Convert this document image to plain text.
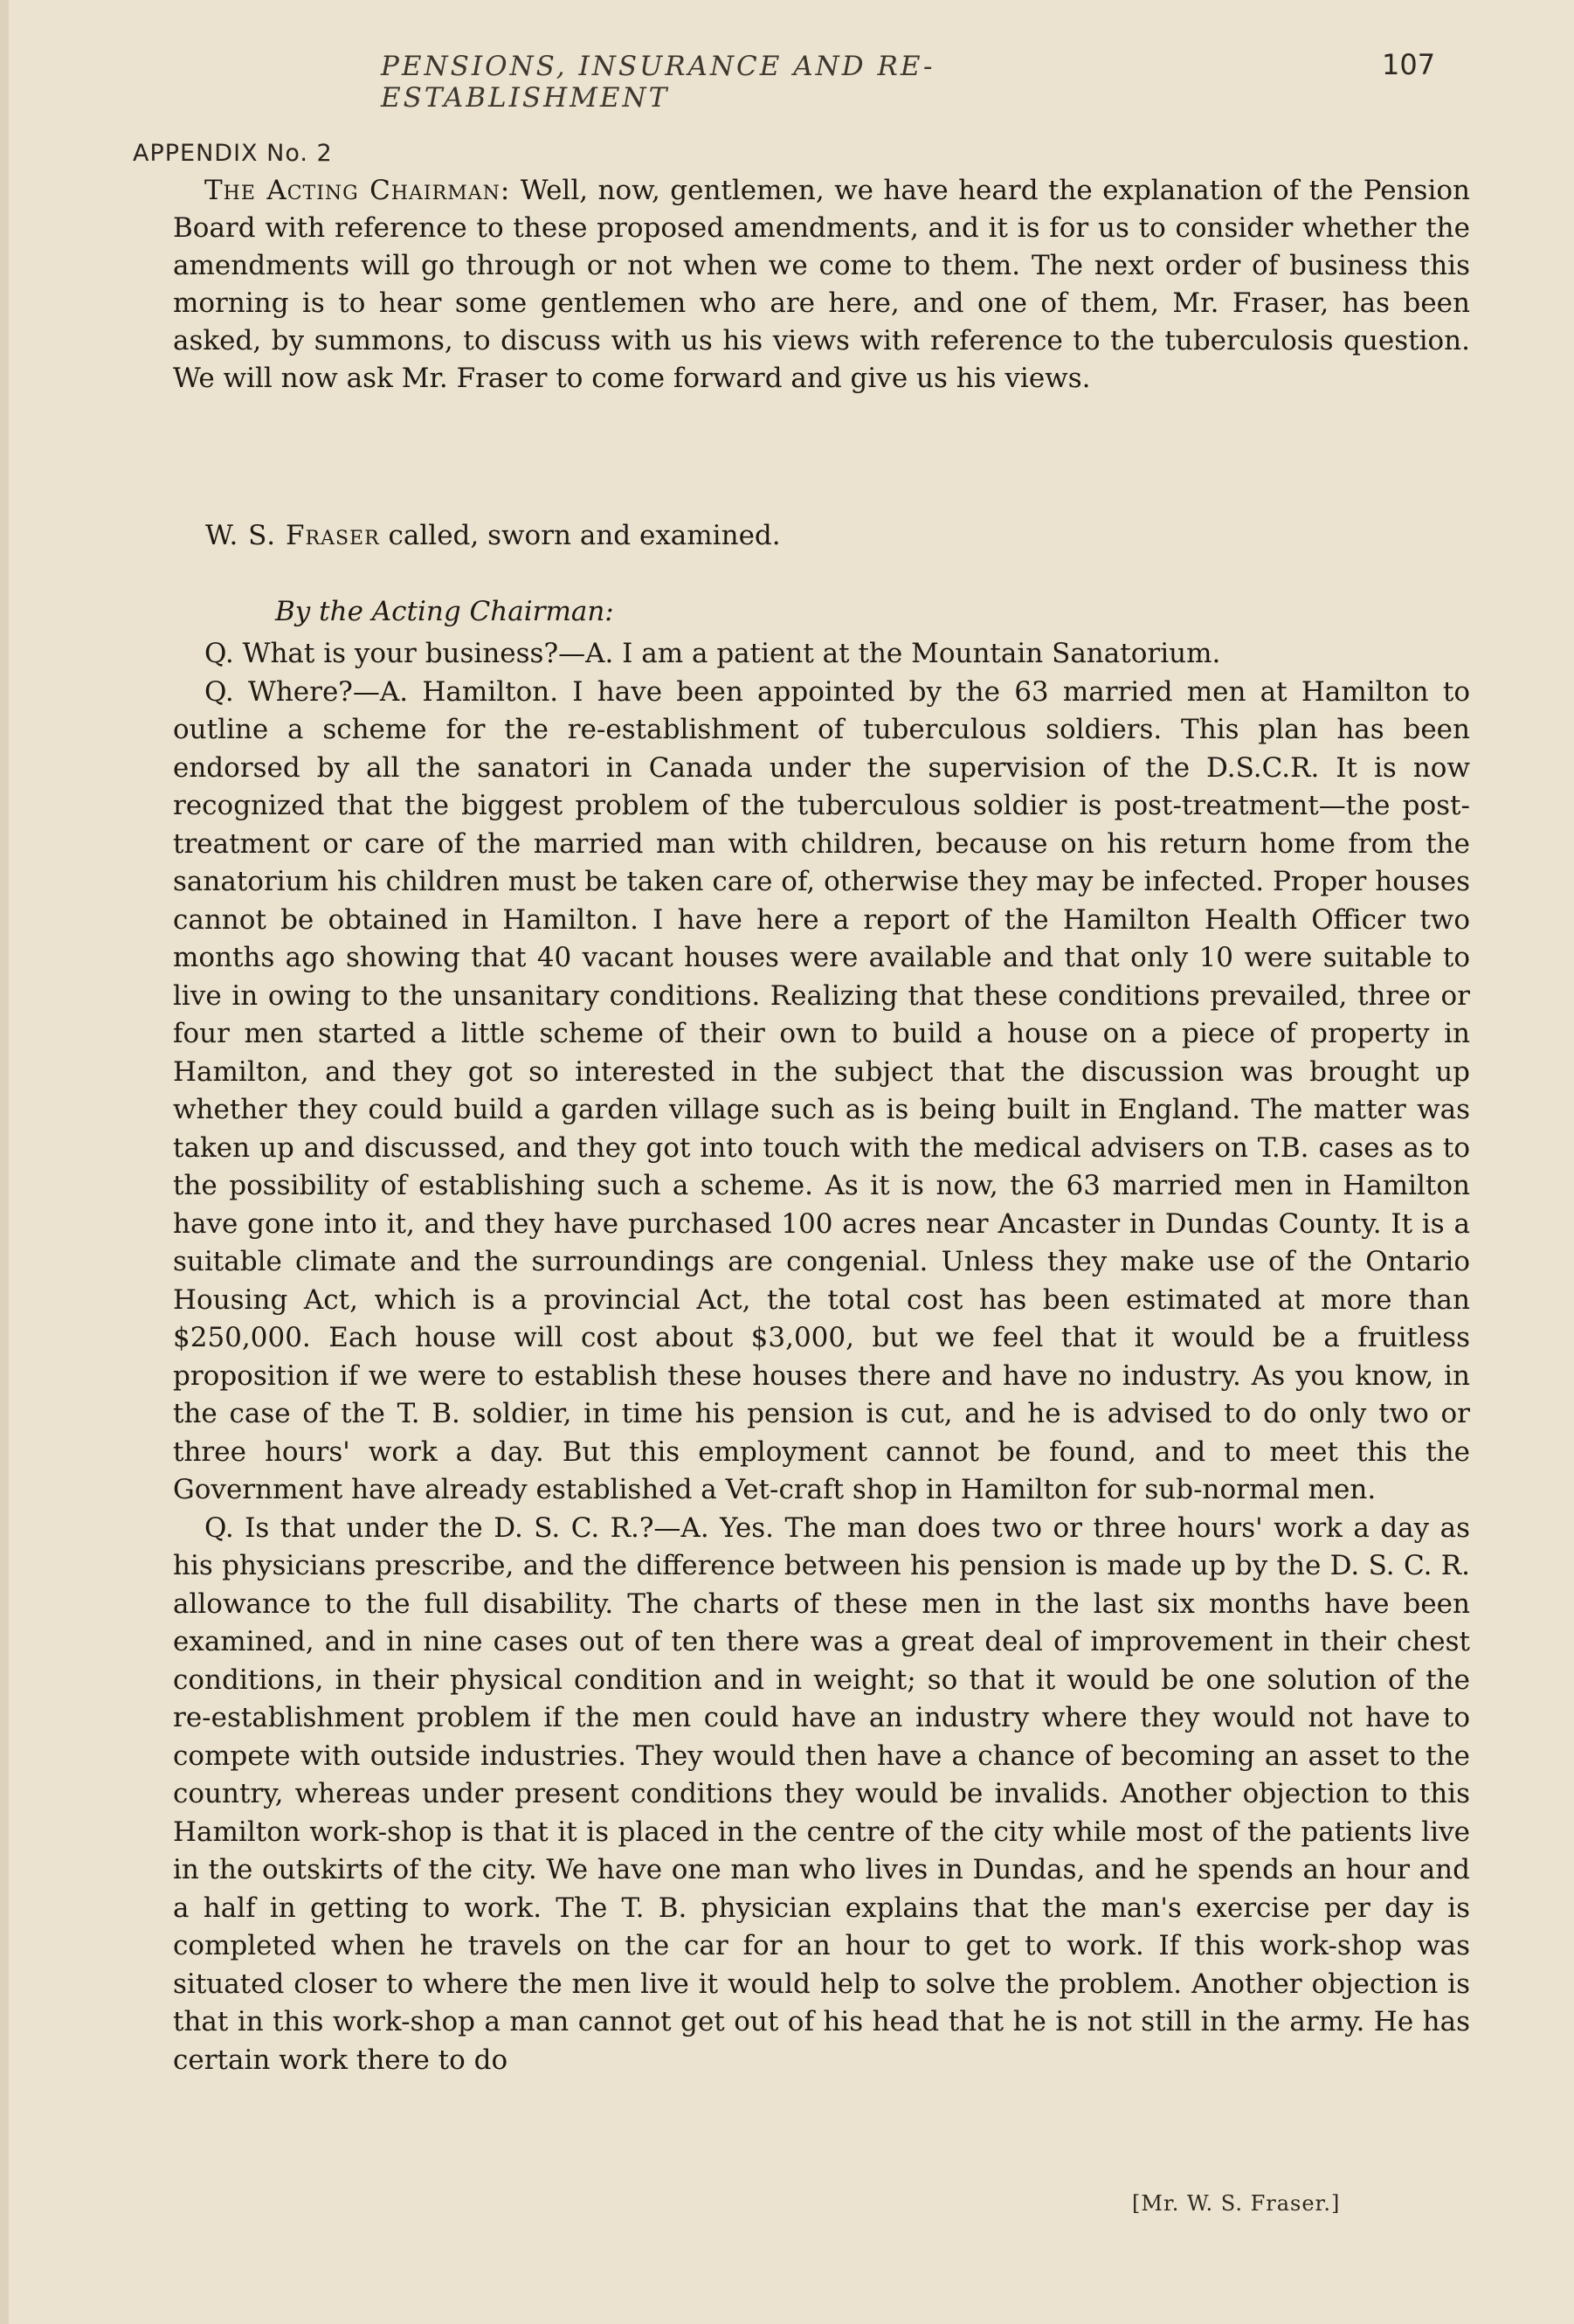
PENSIONS, INSURANCE AND RE-ESTABLISHMENT
107
APPENDIX No. 2

The Acting Chairman: Well, now, gentlemen, we have heard the explanation of the Pension Board with reference to these proposed amendments, and it is for us to consider whether the amendments will go through or not when we come to them. The next order of business this morning is to hear some gentlemen who are here, and one of them, Mr. Fraser, has been asked, by summons, to discuss with us his views with reference to the tuberculosis question. We will now ask Mr. Fraser to come forward and give us his views.

W. S. Fraser called, sworn and examined.
By the Acting Chairman:

Q. What is your business?—A. I am a patient at the Mountain Sanatorium.

Q. Where?—A. Hamilton. I have been appointed by the 63 married men at Hamilton to outline a scheme for the re-establishment of tuberculous soldiers. This plan has been endorsed by all the sanatori in Canada under the supervision of the D.S.C.R. It is now recognized that the biggest problem of the tuberculous soldier is post-treatment—the post-treatment or care of the married man with children, because on his return home from the sanatorium his children must be taken care of, otherwise they may be infected. Proper houses cannot be obtained in Hamilton. I have here a report of the Hamilton Health Officer two months ago showing that 40 vacant houses were available and that only 10 were suitable to live in owing to the unsanitary conditions. Realizing that these conditions prevailed, three or four men started a little scheme of their own to build a house on a piece of property in Hamilton, and they got so interested in the subject that the discussion was brought up whether they could build a garden village such as is being built in England. The matter was taken up and discussed, and they got into touch with the medical advisers on T.B. cases as to the possibility of establishing such a scheme. As it is now, the 63 married men in Hamilton have gone into it, and they have purchased 100 acres near Ancaster in Dundas County. It is a suitable climate and the surroundings are congenial. Unless they make use of the Ontario Housing Act, which is a provincial Act, the total cost has been estimated at more than $250,000. Each house will cost about $3,000, but we feel that it would be a fruitless proposition if we were to establish these houses there and have no industry. As you know, in the case of the T. B. soldier, in time his pension is cut, and he is advised to do only two or three hours' work a day. But this employment cannot be found, and to meet this the Government have already established a Vet-craft shop in Hamilton for sub-normal men.

Q. Is that under the D. S. C. R.?—A. Yes. The man does two or three hours' work a day as his physicians prescribe, and the difference between his pension is made up by the D. S. C. R. allowance to the full disability. The charts of these men in the last six months have been examined, and in nine cases out of ten there was a great deal of improvement in their chest conditions, in their physical condition and in weight; so that it would be one solution of the re-establishment problem if the men could have an industry where they would not have to compete with outside industries. They would then have a chance of becoming an asset to the country, whereas under present conditions they would be invalids. Another objection to this Hamilton work-shop is that it is placed in the centre of the city while most of the patients live in the outskirts of the city. We have one man who lives in Dundas, and he spends an hour and a half in getting to work. The T. B. physician explains that the man's exercise per day is completed when he travels on the car for an hour to get to work. If this work-shop was situated closer to where the men live it would help to solve the problem. Another objection is that in this work-shop a man cannot get out of his head that he is not still in the army. He has certain work there to do

[Mr. W. S. Fraser.]
